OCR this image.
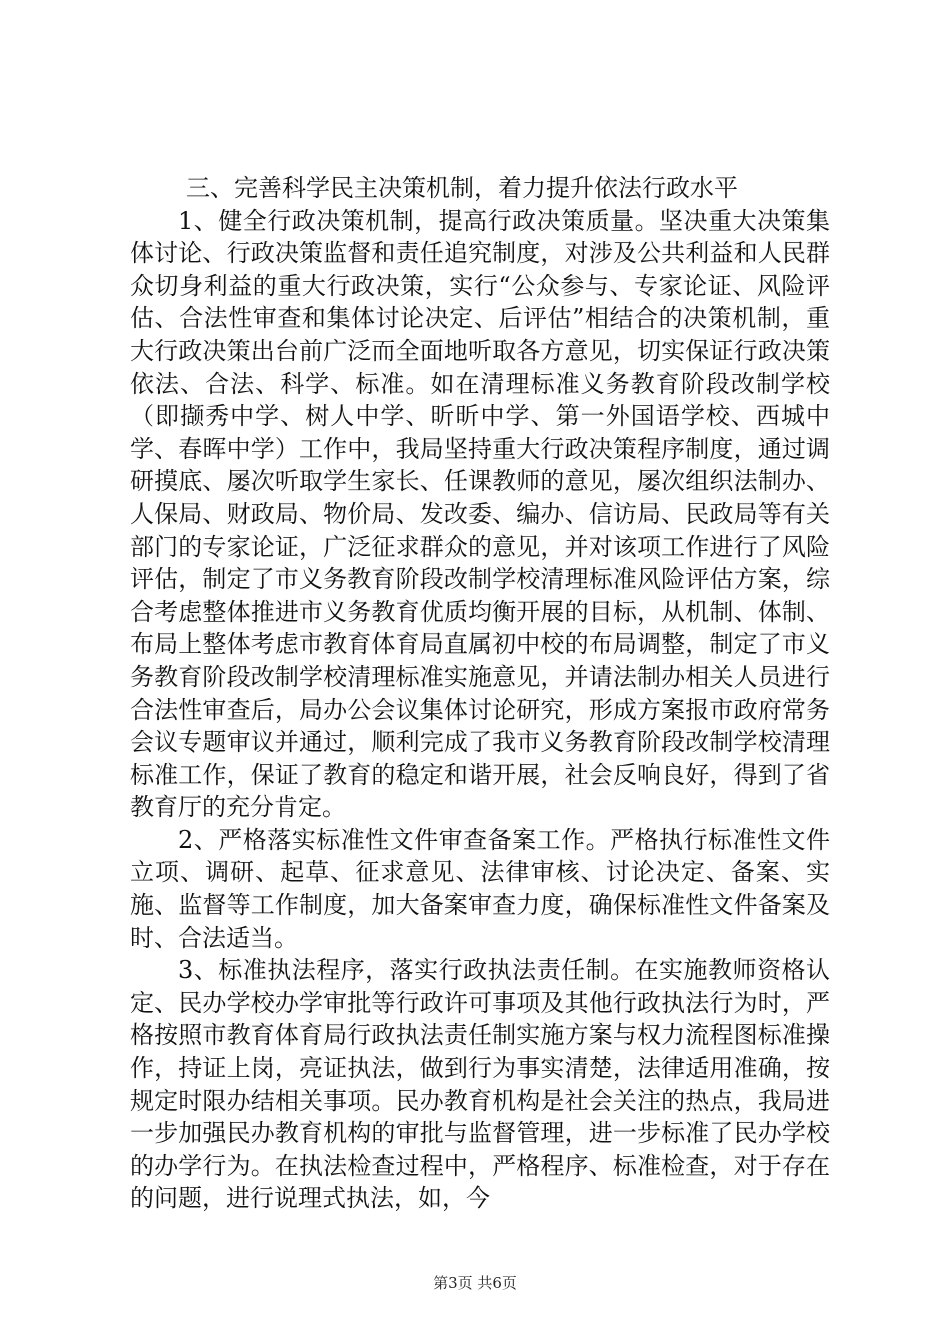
三、完善科学民主决策机制，着力提升依法行政水平

1、健全行政决策机制，提高行政决策质量。坚决重大决策集体讨论、行政决策监督和责任追究制度，对涉及公共利益和人民群众切身利益的重大行政决策，实行“公众参与、专家论证、风险评估、合法性审查和集体讨论决定、后评估”相结合的决策机制，重大行政决策出台前广泛而全面地听取各方意见，切实保证行政决策依法、合法、科学、标准。如在清理标准义务教育阶段改制学校（即撷秀中学、树人中学、昕昕中学、第一外国语学校、西城中学、春晖中学）工作中，我局坚持重大行政决策程序制度，通过调研摸底、屡次听取学生家长、任课教师的意见，屡次组织法制办、人保局、财政局、物价局、发改委、编办、信访局、民政局等有关部门的专家论证，广泛征求群众的意见，并对该项工作进行了风险评估，制定了市义务教育阶段改制学校清理标准风险评估方案，综合考虑整体推进市义务教育优质均衡开展的目标，从机制、体制、布局上整体考虑市教育体育局直属初中校的布局调整，制定了市义务教育阶段改制学校清理标准实施意见，并请法制办相关人员进行合法性审查后，局办公会议集体讨论研究，形成方案报市政府常务会议专题审议并通过，顺利完成了我市义务教育阶段改制学校清理标准工作，保证了教育的稳定和谐开展，社会反响良好，得到了省教育厅的充分肯定。

2、严格落实标准性文件审查备案工作。严格执行标准性文件立项、调研、起草、征求意见、法律审核、讨论决定、备案、实施、监督等工作制度，加大备案审查力度，确保标准性文件备案及时、合法适当。

3、标准执法程序，落实行政执法责任制。在实施教师资格认定、民办学校办学审批等行政许可事项及其他行政执法行为时，严格按照市教育体育局行政执法责任制实施方案与权力流程图标准操作，持证上岗，亮证执法，做到行为事实清楚，法律适用准确，按规定时限办结相关事项。民办教育机构是社会关注的热点，我局进一步加强民办教育机构的审批与监督管理，进一步标准了民办学校的办学行为。在执法检查过程中，严格程序、标准检查，对于存在的问题，进行说理式执法，如，今

第3页 共6页
